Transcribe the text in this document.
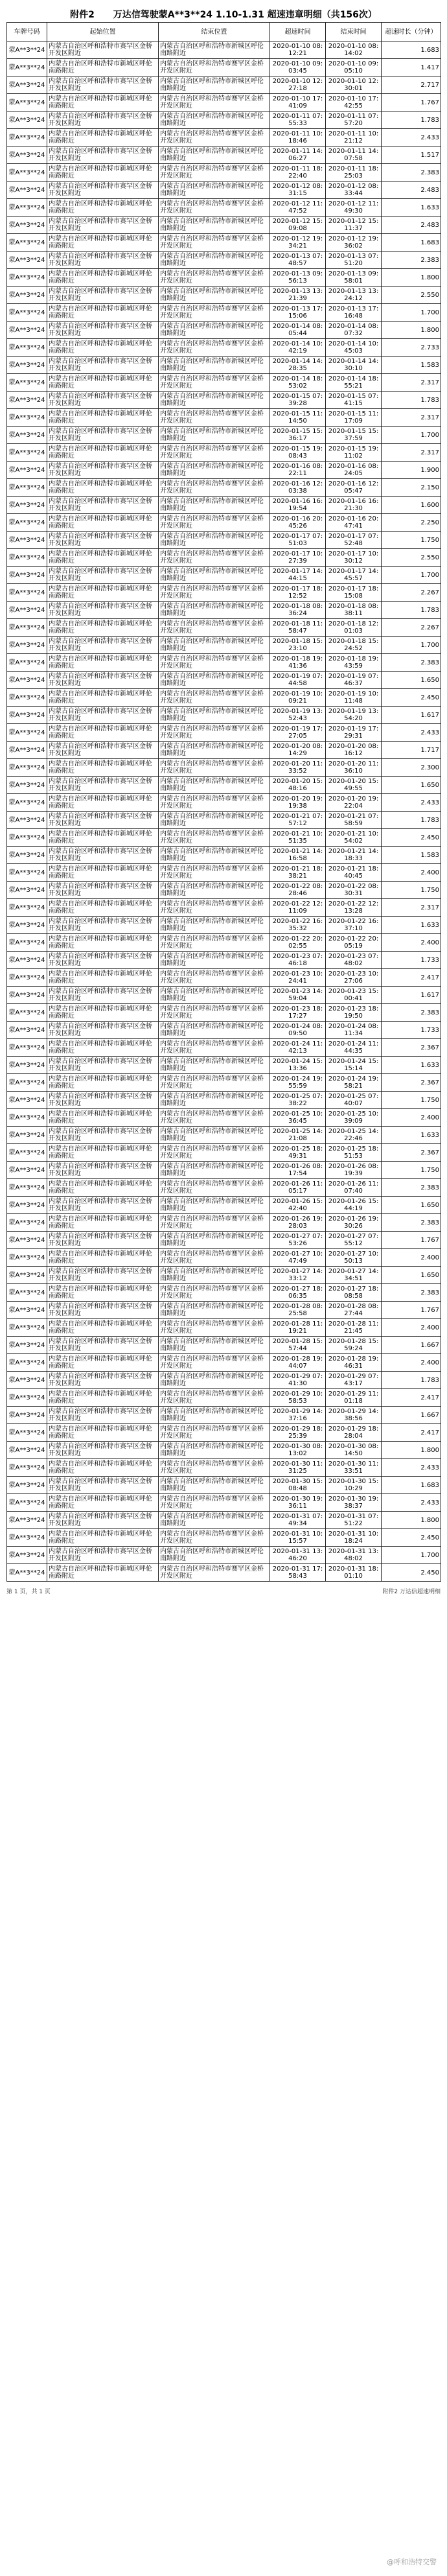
附件2 万达信驾驶蒙A**3**24 1.10-1.31 超速违章明细（共156次）
车牌号码	起始位置	结束位置	超速时间	结束时间	超速时长（分钟）
蒙A**3**24	内蒙古自治区呼和浩特市赛罕区金桥开发区附近	内蒙古自治区呼和浩特市新城区呼伦南路附近	2020-01-10 08:12:21	2020-01-10 08:14:02	1.683
蒙A**3**24	内蒙古自治区呼和浩特市新城区呼伦南路附近	内蒙古自治区呼和浩特市赛罕区金桥开发区附近	2020-01-10 09:03:45	2020-01-10 09:05:10	1.417
蒙A**3**24	内蒙古自治区呼和浩特市赛罕区金桥开发区附近	内蒙古自治区呼和浩特市新城区呼伦南路附近	2020-01-10 12:27:18	2020-01-10 12:30:01	2.717
蒙A**3**24	内蒙古自治区呼和浩特市新城区呼伦南路附近	内蒙古自治区呼和浩特市赛罕区金桥开发区附近	2020-01-10 17:41:09	2020-01-10 17:42:55	1.767
蒙A**3**24	内蒙古自治区呼和浩特市赛罕区金桥开发区附近	内蒙古自治区呼和浩特市新城区呼伦南路附近	2020-01-11 07:55:33	2020-01-11 07:57:20	1.783
蒙A**3**24	内蒙古自治区呼和浩特市新城区呼伦南路附近	内蒙古自治区呼和浩特市赛罕区金桥开发区附近	2020-01-11 10:18:46	2020-01-11 10:21:12	2.433
蒙A**3**24	内蒙古自治区呼和浩特市赛罕区金桥开发区附近	内蒙古自治区呼和浩特市新城区呼伦南路附近	2020-01-11 14:06:27	2020-01-11 14:07:58	1.517
蒙A**3**24	内蒙古自治区呼和浩特市新城区呼伦南路附近	内蒙古自治区呼和浩特市赛罕区金桥开发区附近	2020-01-11 18:22:40	2020-01-11 18:25:03	2.383
蒙A**3**24	内蒙古自治区呼和浩特市赛罕区金桥开发区附近	内蒙古自治区呼和浩特市新城区呼伦南路附近	2020-01-12 08:31:15	2020-01-12 08:33:44	2.483
蒙A**3**24	内蒙古自治区呼和浩特市新城区呼伦南路附近	内蒙古自治区呼和浩特市赛罕区金桥开发区附近	2020-01-12 11:47:52	2020-01-12 11:49:30	1.633
蒙A**3**24	内蒙古自治区呼和浩特市赛罕区金桥开发区附近	内蒙古自治区呼和浩特市新城区呼伦南路附近	2020-01-12 15:09:08	2020-01-12 15:11:37	2.483
蒙A**3**24	内蒙古自治区呼和浩特市新城区呼伦南路附近	内蒙古自治区呼和浩特市赛罕区金桥开发区附近	2020-01-12 19:34:21	2020-01-12 19:36:02	1.683
蒙A**3**24	内蒙古自治区呼和浩特市赛罕区金桥开发区附近	内蒙古自治区呼和浩特市新城区呼伦南路附近	2020-01-13 07:48:57	2020-01-13 07:51:20	2.383
蒙A**3**24	内蒙古自治区呼和浩特市新城区呼伦南路附近	内蒙古自治区呼和浩特市赛罕区金桥开发区附近	2020-01-13 09:56:13	2020-01-13 09:58:01	1.800
蒙A**3**24	内蒙古自治区呼和浩特市赛罕区金桥开发区附近	内蒙古自治区呼和浩特市新城区呼伦南路附近	2020-01-13 13:21:39	2020-01-13 13:24:12	2.550
蒙A**3**24	内蒙古自治区呼和浩特市新城区呼伦南路附近	内蒙古自治区呼和浩特市赛罕区金桥开发区附近	2020-01-13 17:15:06	2020-01-13 17:16:48	1.700
蒙A**3**24	内蒙古自治区呼和浩特市赛罕区金桥开发区附近	内蒙古自治区呼和浩特市新城区呼伦南路附近	2020-01-14 08:05:44	2020-01-14 08:07:32	1.800
蒙A**3**24	内蒙古自治区呼和浩特市新城区呼伦南路附近	内蒙古自治区呼和浩特市赛罕区金桥开发区附近	2020-01-14 10:42:19	2020-01-14 10:45:03	2.733
蒙A**3**24	内蒙古自治区呼和浩特市赛罕区金桥开发区附近	内蒙古自治区呼和浩特市新城区呼伦南路附近	2020-01-14 14:28:35	2020-01-14 14:30:10	1.583
蒙A**3**24	内蒙古自治区呼和浩特市新城区呼伦南路附近	内蒙古自治区呼和浩特市赛罕区金桥开发区附近	2020-01-14 18:53:02	2020-01-14 18:55:21	2.317
蒙A**3**24	内蒙古自治区呼和浩特市赛罕区金桥开发区附近	内蒙古自治区呼和浩特市新城区呼伦南路附近	2020-01-15 07:39:28	2020-01-15 07:41:15	1.783
蒙A**3**24	内蒙古自治区呼和浩特市新城区呼伦南路附近	内蒙古自治区呼和浩特市赛罕区金桥开发区附近	2020-01-15 11:14:50	2020-01-15 11:17:09	2.317
蒙A**3**24	内蒙古自治区呼和浩特市赛罕区金桥开发区附近	内蒙古自治区呼和浩特市新城区呼伦南路附近	2020-01-15 15:36:17	2020-01-15 15:37:59	1.700
蒙A**3**24	内蒙古自治区呼和浩特市新城区呼伦南路附近	内蒙古自治区呼和浩特市赛罕区金桥开发区附近	2020-01-15 19:08:43	2020-01-15 19:11:02	2.317
蒙A**3**24	内蒙古自治区呼和浩特市赛罕区金桥开发区附近	内蒙古自治区呼和浩特市新城区呼伦南路附近	2020-01-16 08:22:11	2020-01-16 08:24:05	1.900
蒙A**3**24	内蒙古自治区呼和浩特市新城区呼伦南路附近	内蒙古自治区呼和浩特市赛罕区金桥开发区附近	2020-01-16 12:03:38	2020-01-16 12:05:47	2.150
蒙A**3**24	内蒙古自治区呼和浩特市赛罕区金桥开发区附近	内蒙古自治区呼和浩特市新城区呼伦南路附近	2020-01-16 16:19:54	2020-01-16 16:21:30	1.600
蒙A**3**24	内蒙古自治区呼和浩特市新城区呼伦南路附近	内蒙古自治区呼和浩特市赛罕区金桥开发区附近	2020-01-16 20:45:26	2020-01-16 20:47:41	2.250
蒙A**3**24	内蒙古自治区呼和浩特市赛罕区金桥开发区附近	内蒙古自治区呼和浩特市新城区呼伦南路附近	2020-01-17 07:51:03	2020-01-17 07:52:48	1.750
蒙A**3**24	内蒙古自治区呼和浩特市新城区呼伦南路附近	内蒙古自治区呼和浩特市赛罕区金桥开发区附近	2020-01-17 10:27:39	2020-01-17 10:30:12	2.550
蒙A**3**24	内蒙古自治区呼和浩特市赛罕区金桥开发区附近	内蒙古自治区呼和浩特市新城区呼伦南路附近	2020-01-17 14:44:15	2020-01-17 14:45:57	1.700
蒙A**3**24	内蒙古自治区呼和浩特市新城区呼伦南路附近	内蒙古自治区呼和浩特市赛罕区金桥开发区附近	2020-01-17 18:12:52	2020-01-17 18:15:08	2.267
蒙A**3**24	内蒙古自治区呼和浩特市赛罕区金桥开发区附近	内蒙古自治区呼和浩特市新城区呼伦南路附近	2020-01-18 08:36:24	2020-01-18 08:38:11	1.783
蒙A**3**24	内蒙古自治区呼和浩特市新城区呼伦南路附近	内蒙古自治区呼和浩特市赛罕区金桥开发区附近	2020-01-18 11:58:47	2020-01-18 12:01:03	2.267
蒙A**3**24	内蒙古自治区呼和浩特市赛罕区金桥开发区附近	内蒙古自治区呼和浩特市新城区呼伦南路附近	2020-01-18 15:23:10	2020-01-18 15:24:52	1.700
蒙A**3**24	内蒙古自治区呼和浩特市新城区呼伦南路附近	内蒙古自治区呼和浩特市赛罕区金桥开发区附近	2020-01-18 19:41:36	2020-01-18 19:43:59	2.383
蒙A**3**24	内蒙古自治区呼和浩特市赛罕区金桥开发区附近	内蒙古自治区呼和浩特市新城区呼伦南路附近	2020-01-19 07:44:58	2020-01-19 07:46:37	1.650
蒙A**3**24	内蒙古自治区呼和浩特市新城区呼伦南路附近	内蒙古自治区呼和浩特市赛罕区金桥开发区附近	2020-01-19 10:09:21	2020-01-19 10:11:48	2.450
蒙A**3**24	内蒙古自治区呼和浩特市赛罕区金桥开发区附近	内蒙古自治区呼和浩特市新城区呼伦南路附近	2020-01-19 13:52:43	2020-01-19 13:54:20	1.617
蒙A**3**24	内蒙古自治区呼和浩特市新城区呼伦南路附近	内蒙古自治区呼和浩特市赛罕区金桥开发区附近	2020-01-19 17:27:05	2020-01-19 17:29:31	2.433
蒙A**3**24	内蒙古自治区呼和浩特市赛罕区金桥开发区附近	内蒙古自治区呼和浩特市新城区呼伦南路附近	2020-01-20 08:14:29	2020-01-20 08:16:12	1.717
蒙A**3**24	内蒙古自治区呼和浩特市新城区呼伦南路附近	内蒙古自治区呼和浩特市赛罕区金桥开发区附近	2020-01-20 11:33:52	2020-01-20 11:36:10	2.300
蒙A**3**24	内蒙古自治区呼和浩特市赛罕区金桥开发区附近	内蒙古自治区呼和浩特市新城区呼伦南路附近	2020-01-20 15:48:16	2020-01-20 15:49:55	1.650
蒙A**3**24	内蒙古自治区呼和浩特市新城区呼伦南路附近	内蒙古自治区呼和浩特市赛罕区金桥开发区附近	2020-01-20 19:19:38	2020-01-20 19:22:04	2.433
蒙A**3**24	内蒙古自治区呼和浩特市赛罕区金桥开发区附近	内蒙古自治区呼和浩特市新城区呼伦南路附近	2020-01-21 07:57:12	2020-01-21 07:58:59	1.783
蒙A**3**24	内蒙古自治区呼和浩特市新城区呼伦南路附近	内蒙古自治区呼和浩特市赛罕区金桥开发区附近	2020-01-21 10:51:35	2020-01-21 10:54:02	2.450
蒙A**3**24	内蒙古自治区呼和浩特市赛罕区金桥开发区附近	内蒙古自治区呼和浩特市新城区呼伦南路附近	2020-01-21 14:16:58	2020-01-21 14:18:33	1.583
蒙A**3**24	内蒙古自治区呼和浩特市新城区呼伦南路附近	内蒙古自治区呼和浩特市赛罕区金桥开发区附近	2020-01-21 18:38:21	2020-01-21 18:40:45	2.400
蒙A**3**24	内蒙古自治区呼和浩特市赛罕区金桥开发区附近	内蒙古自治区呼和浩特市新城区呼伦南路附近	2020-01-22 08:28:46	2020-01-22 08:30:31	1.750
蒙A**3**24	内蒙古自治区呼和浩特市新城区呼伦南路附近	内蒙古自治区呼和浩特市赛罕区金桥开发区附近	2020-01-22 12:11:09	2020-01-22 12:13:28	2.317
蒙A**3**24	内蒙古自治区呼和浩特市赛罕区金桥开发区附近	内蒙古自治区呼和浩特市新城区呼伦南路附近	2020-01-22 16:35:32	2020-01-22 16:37:10	1.633
蒙A**3**24	内蒙古自治区呼和浩特市新城区呼伦南路附近	内蒙古自治区呼和浩特市赛罕区金桥开发区附近	2020-01-22 20:02:55	2020-01-22 20:05:19	2.400
蒙A**3**24	内蒙古自治区呼和浩特市赛罕区金桥开发区附近	内蒙古自治区呼和浩特市新城区呼伦南路附近	2020-01-23 07:46:18	2020-01-23 07:48:02	1.733
蒙A**3**24	内蒙古自治区呼和浩特市新城区呼伦南路附近	内蒙古自治区呼和浩特市赛罕区金桥开发区附近	2020-01-23 10:24:41	2020-01-23 10:27:06	2.417
蒙A**3**24	内蒙古自治区呼和浩特市赛罕区金桥开发区附近	内蒙古自治区呼和浩特市新城区呼伦南路附近	2020-01-23 14:59:04	2020-01-23 15:00:41	1.617
蒙A**3**24	内蒙古自治区呼和浩特市新城区呼伦南路附近	内蒙古自治区呼和浩特市赛罕区金桥开发区附近	2020-01-23 18:17:27	2020-01-23 18:19:50	2.383
蒙A**3**24	内蒙古自治区呼和浩特市赛罕区金桥开发区附近	内蒙古自治区呼和浩特市新城区呼伦南路附近	2020-01-24 08:09:50	2020-01-24 08:11:34	1.733
蒙A**3**24	内蒙古自治区呼和浩特市新城区呼伦南路附近	内蒙古自治区呼和浩特市赛罕区金桥开发区附近	2020-01-24 11:42:13	2020-01-24 11:44:35	2.367
蒙A**3**24	内蒙古自治区呼和浩特市赛罕区金桥开发区附近	内蒙古自治区呼和浩特市新城区呼伦南路附近	2020-01-24 15:13:36	2020-01-24 15:15:14	1.633
蒙A**3**24	内蒙古自治区呼和浩特市新城区呼伦南路附近	内蒙古自治区呼和浩特市赛罕区金桥开发区附近	2020-01-24 19:55:59	2020-01-24 19:58:21	2.367
蒙A**3**24	内蒙古自治区呼和浩特市赛罕区金桥开发区附近	内蒙古自治区呼和浩特市新城区呼伦南路附近	2020-01-25 07:38:22	2020-01-25 07:40:07	1.750
蒙A**3**24	内蒙古自治区呼和浩特市新城区呼伦南路附近	内蒙古自治区呼和浩特市赛罕区金桥开发区附近	2020-01-25 10:36:45	2020-01-25 10:39:09	2.400
蒙A**3**24	内蒙古自治区呼和浩特市赛罕区金桥开发区附近	内蒙古自治区呼和浩特市新城区呼伦南路附近	2020-01-25 14:21:08	2020-01-25 14:22:46	1.633
蒙A**3**24	内蒙古自治区呼和浩特市新城区呼伦南路附近	内蒙古自治区呼和浩特市赛罕区金桥开发区附近	2020-01-25 18:49:31	2020-01-25 18:51:53	2.367
蒙A**3**24	内蒙古自治区呼和浩特市赛罕区金桥开发区附近	内蒙古自治区呼和浩特市新城区呼伦南路附近	2020-01-26 08:17:54	2020-01-26 08:19:39	1.750
蒙A**3**24	内蒙古自治区呼和浩特市新城区呼伦南路附近	内蒙古自治区呼和浩特市赛罕区金桥开发区附近	2020-01-26 11:05:17	2020-01-26 11:07:40	2.383
蒙A**3**24	内蒙古自治区呼和浩特市赛罕区金桥开发区附近	内蒙古自治区呼和浩特市新城区呼伦南路附近	2020-01-26 15:42:40	2020-01-26 15:44:19	1.650
蒙A**3**24	内蒙古自治区呼和浩特市新城区呼伦南路附近	内蒙古自治区呼和浩特市赛罕区金桥开发区附近	2020-01-26 19:28:03	2020-01-26 19:30:26	2.383
蒙A**3**24	内蒙古自治区呼和浩特市赛罕区金桥开发区附近	内蒙古自治区呼和浩特市新城区呼伦南路附近	2020-01-27 07:53:26	2020-01-27 07:55:12	1.767
蒙A**3**24	内蒙古自治区呼和浩特市新城区呼伦南路附近	内蒙古自治区呼和浩特市赛罕区金桥开发区附近	2020-01-27 10:47:49	2020-01-27 10:50:13	2.400
蒙A**3**24	内蒙古自治区呼和浩特市赛罕区金桥开发区附近	内蒙古自治区呼和浩特市新城区呼伦南路附近	2020-01-27 14:33:12	2020-01-27 14:34:51	1.650
蒙A**3**24	内蒙古自治区呼和浩特市新城区呼伦南路附近	内蒙古自治区呼和浩特市赛罕区金桥开发区附近	2020-01-27 18:06:35	2020-01-27 18:08:58	2.383
蒙A**3**24	内蒙古自治区呼和浩特市赛罕区金桥开发区附近	内蒙古自治区呼和浩特市新城区呼伦南路附近	2020-01-28 08:25:58	2020-01-28 08:27:44	1.767
蒙A**3**24	内蒙古自治区呼和浩特市新城区呼伦南路附近	内蒙古自治区呼和浩特市赛罕区金桥开发区附近	2020-01-28 11:19:21	2020-01-28 11:21:45	2.400
蒙A**3**24	内蒙古自治区呼和浩特市赛罕区金桥开发区附近	内蒙古自治区呼和浩特市新城区呼伦南路附近	2020-01-28 15:57:44	2020-01-28 15:59:24	1.667
蒙A**3**24	内蒙古自治区呼和浩特市新城区呼伦南路附近	内蒙古自治区呼和浩特市赛罕区金桥开发区附近	2020-01-28 19:44:07	2020-01-28 19:46:31	2.400
蒙A**3**24	内蒙古自治区呼和浩特市赛罕区金桥开发区附近	内蒙古自治区呼和浩特市新城区呼伦南路附近	2020-01-29 07:41:30	2020-01-29 07:43:17	1.783
蒙A**3**24	内蒙古自治区呼和浩特市新城区呼伦南路附近	内蒙古自治区呼和浩特市赛罕区金桥开发区附近	2020-01-29 10:58:53	2020-01-29 11:01:18	2.417
蒙A**3**24	内蒙古自治区呼和浩特市赛罕区金桥开发区附近	内蒙古自治区呼和浩特市新城区呼伦南路附近	2020-01-29 14:37:16	2020-01-29 14:38:56	1.667
蒙A**3**24	内蒙古自治区呼和浩特市新城区呼伦南路附近	内蒙古自治区呼和浩特市赛罕区金桥开发区附近	2020-01-29 18:25:39	2020-01-29 18:28:04	2.417
蒙A**3**24	内蒙古自治区呼和浩特市赛罕区金桥开发区附近	内蒙古自治区呼和浩特市新城区呼伦南路附近	2020-01-30 08:13:02	2020-01-30 08:14:50	1.800
蒙A**3**24	内蒙古自治区呼和浩特市新城区呼伦南路附近	内蒙古自治区呼和浩特市赛罕区金桥开发区附近	2020-01-30 11:31:25	2020-01-30 11:33:51	2.433
蒙A**3**24	内蒙古自治区呼和浩特市赛罕区金桥开发区附近	内蒙古自治区呼和浩特市新城区呼伦南路附近	2020-01-30 15:08:48	2020-01-30 15:10:29	1.683
蒙A**3**24	内蒙古自治区呼和浩特市新城区呼伦南路附近	内蒙古自治区呼和浩特市赛罕区金桥开发区附近	2020-01-30 19:36:11	2020-01-30 19:38:37	2.433
蒙A**3**24	内蒙古自治区呼和浩特市赛罕区金桥开发区附近	内蒙古自治区呼和浩特市新城区呼伦南路附近	2020-01-31 07:49:34	2020-01-31 07:51:22	1.800
蒙A**3**24	内蒙古自治区呼和浩特市新城区呼伦南路附近	内蒙古自治区呼和浩特市赛罕区金桥开发区附近	2020-01-31 10:15:57	2020-01-31 10:18:24	2.450
蒙A**3**24	内蒙古自治区呼和浩特市赛罕区金桥开发区附近	内蒙古自治区呼和浩特市新城区呼伦南路附近	2020-01-31 13:46:20	2020-01-31 13:48:02	1.700
蒙A**3**24	内蒙古自治区呼和浩特市新城区呼伦南路附近	内蒙古自治区呼和浩特市赛罕区金桥开发区附近	2020-01-31 17:58:43	2020-01-31 18:01:10	2.450
第 1 页，共 1 页	附件2 万达信超速明细
@呼和浩特交警
